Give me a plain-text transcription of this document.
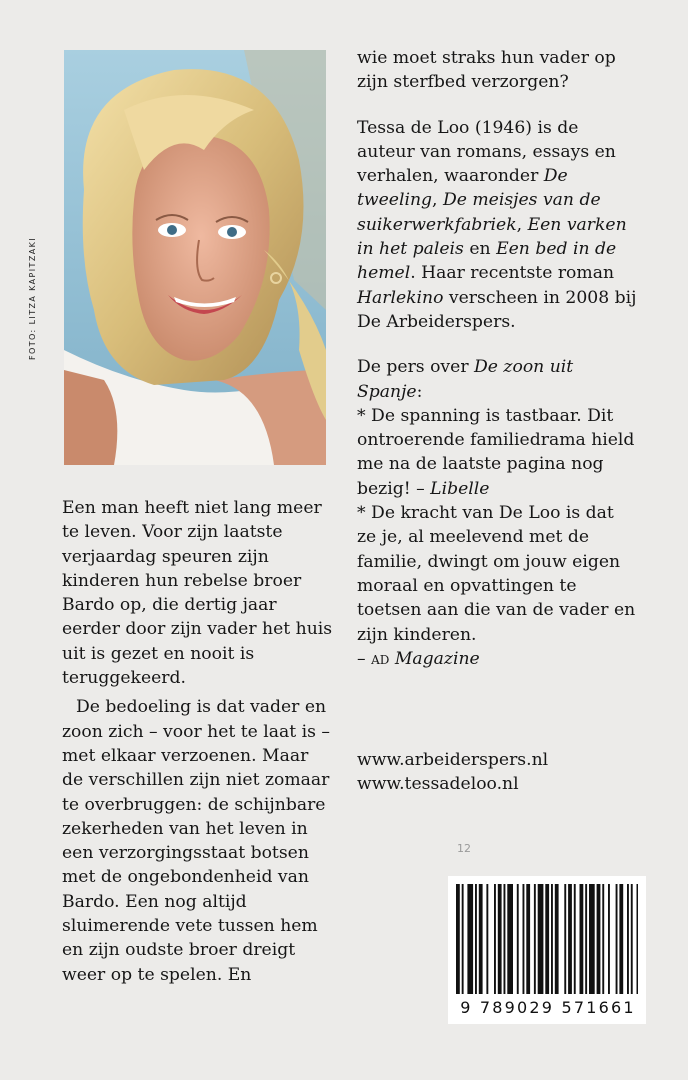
FOTO: LITZA KAPITZAKI

Een man heeft niet lang meer te leven. Voor zijn laatste verjaardag speuren zijn kinderen hun rebelse broer Bardo op, die dertig jaar eerder door zijn vader het huis uit is gezet en nooit is teruggekeerd.

De bedoeling is dat vader en zoon zich – voor het te laat is – met elkaar verzoenen. Maar de verschillen zijn niet zomaar te overbruggen: de schijnbare zekerheden van het leven in een verzorgingsstaat botsen met de ongebondenheid van Bardo. Een nog altijd sluimerende vete tussen hem en zijn oudste broer dreigt weer op te spelen. En

wie moet straks hun vader op zijn sterfbed verzorgen?

Tessa de Loo (1946) is de auteur van romans, essays en verhalen, waaronder De tweeling, De meisjes van de suikerwerkfabriek, Een varken in het paleis en Een bed in de hemel. Haar recentste roman Harlekino verscheen in 2008 bij De Arbeiderspers.

De pers over De zoon uit Spanje:

* De spanning is tastbaar. Dit ontroerende familiedrama hield me na de laatste pagina nog bezig! – Libelle

* De kracht van De Loo is dat ze je, al meelevend met de familie, dwingt om jouw eigen moraal en opvattingen te toetsen aan die van de vader en zijn kinderen.

– ad Magazine

www.arbeiderspers.nl
www.tessadeloo.nl
12
9 789029 571661
